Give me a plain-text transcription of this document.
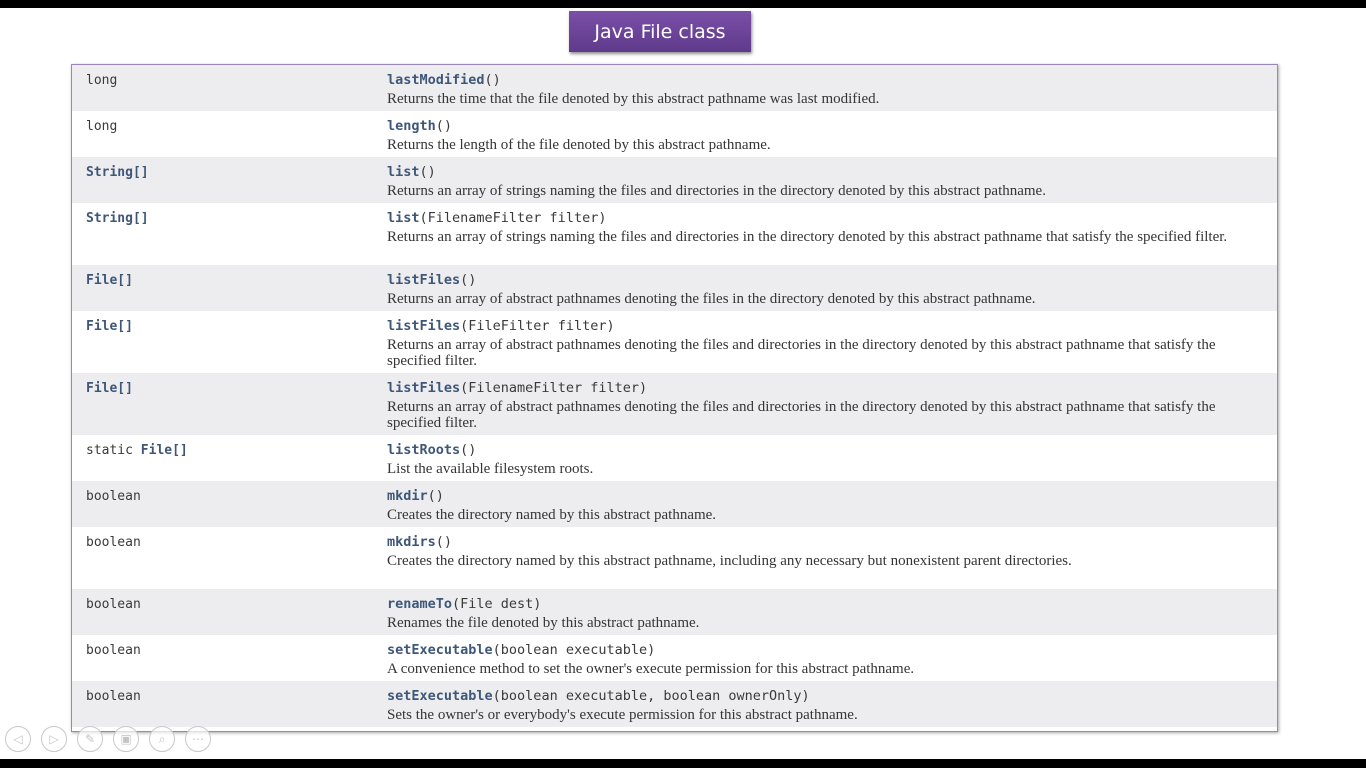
Java File class
long	lastModified()
Returns the time that the file denoted by this abstract pathname was last modified.
long	length()
Returns the length of the file denoted by this abstract pathname.
String[]	list()
Returns an array of strings naming the files and directories in the directory denoted by this abstract pathname.
String[]	list(FilenameFilter filter)
Returns an array of strings naming the files and directories in the directory denoted by this abstract pathname that satisfy the specified filter.
File[]	listFiles()
Returns an array of abstract pathnames denoting the files in the directory denoted by this abstract pathname.
File[]	listFiles(FileFilter filter)
Returns an array of abstract pathnames denoting the files and directories in the directory denoted by this abstract pathname that satisfy the specified filter.
File[]	listFiles(FilenameFilter filter)
Returns an array of abstract pathnames denoting the files and directories in the directory denoted by this abstract pathname that satisfy the specified filter.
static File[]	listRoots()
List the available filesystem roots.
boolean	mkdir()
Creates the directory named by this abstract pathname.
boolean	mkdirs()
Creates the directory named by this abstract pathname, including any necessary but nonexistent parent directories.
boolean	renameTo(File dest)
Renames the file denoted by this abstract pathname.
boolean	setExecutable(boolean executable)
A convenience method to set the owner's execute permission for this abstract pathname.
boolean	setExecutable(boolean executable, boolean ownerOnly)
Sets the owner's or everybody's execute permission for this abstract pathname.
◁	▷	✎	▣	⌕	⋯
